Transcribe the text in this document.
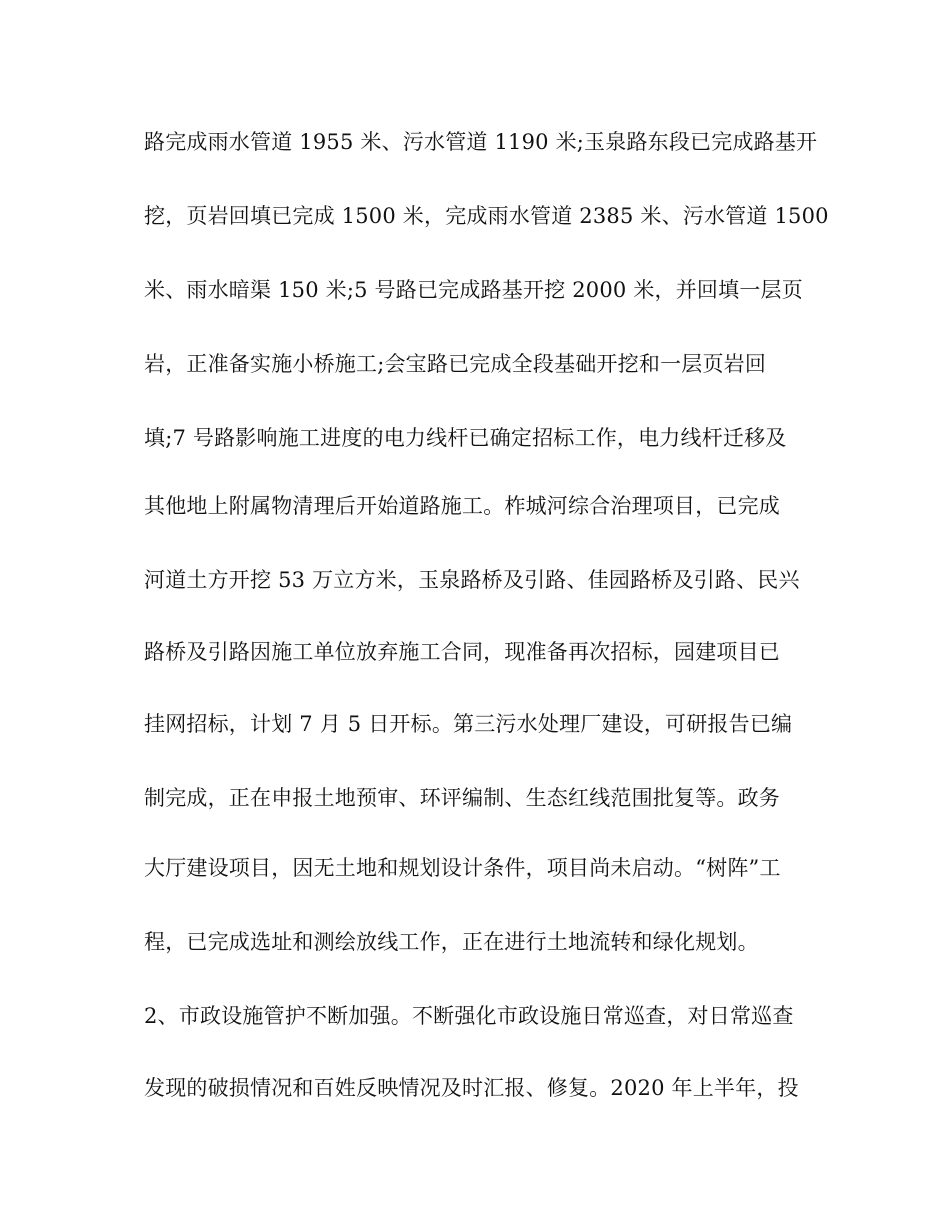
路完成雨水管道 1955 米、污水管道 1190 米;玉泉路东段已完成路基开
挖，页岩回填已完成 1500 米，完成雨水管道 2385 米、污水管道 1500
米、雨水暗渠 150 米;5 号路已完成路基开挖 2000 米，并回填一层页
岩，正准备实施小桥施工;会宝路已完成全段基础开挖和一层页岩回
填;7 号路影响施工进度的电力线杆已确定招标工作，电力线杆迁移及
其他地上附属物清理后开始道路施工。柞城河综合治理项目，已完成
河道土方开挖 53 万立方米，玉泉路桥及引路、佳园路桥及引路、民兴
路桥及引路因施工单位放弃施工合同，现准备再次招标，园建项目已
挂网招标，计划 7 月 5 日开标。第三污水处理厂建设，可研报告已编
制完成，正在申报土地预审、环评编制、生态红线范围批复等。政务
大厅建设项目，因无土地和规划设计条件，项目尚未启动。“树阵”工
程，已完成选址和测绘放线工作，正在进行土地流转和绿化规划。
2、市政设施管护不断加强。不断强化市政设施日常巡查，对日常巡查
发现的破损情况和百姓反映情况及时汇报、修复。2020 年上半年，投
